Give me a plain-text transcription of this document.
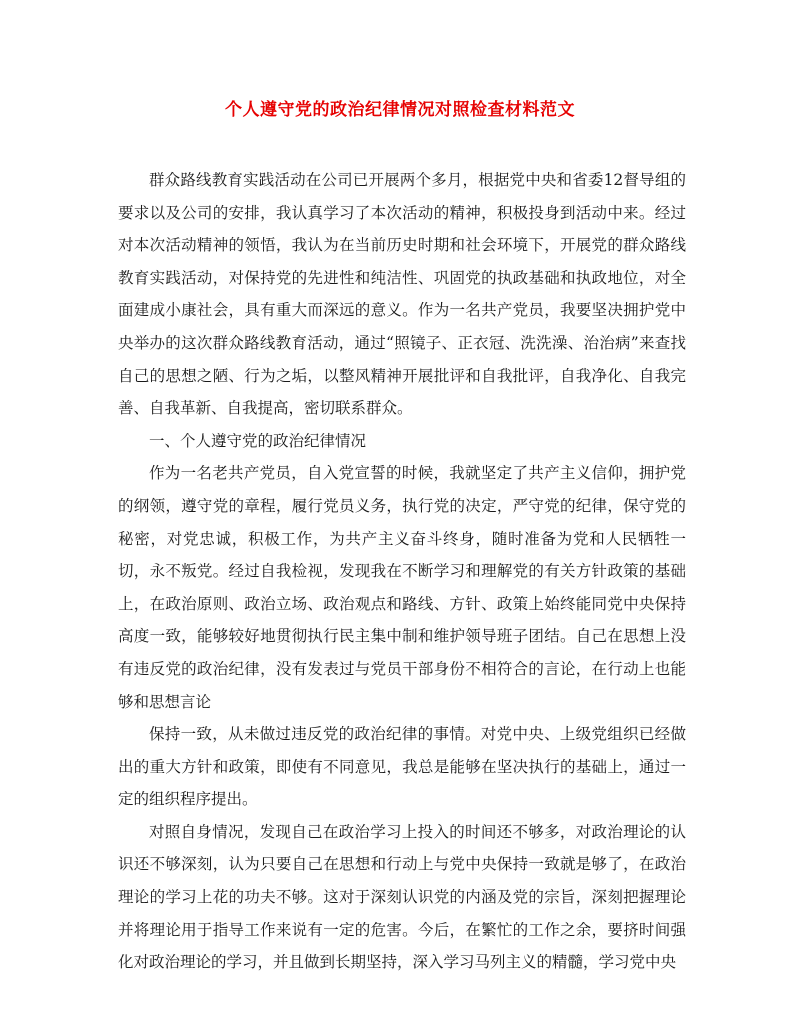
个人遵守党的政治纪律情况对照检查材料范文

群众路线教育实践活动在公司已开展两个多月，根据党中央和省委12督导组的要求以及公司的安排，我认真学习了本次活动的精神，积极投身到活动中来。经过对本次活动精神的领悟，我认为在当前历史时期和社会环境下，开展党的群众路线教育实践活动，对保持党的先进性和纯洁性、巩固党的执政基础和执政地位，对全面建成小康社会，具有重大而深远的意义。作为一名共产党员，我要坚决拥护党中央举办的这次群众路线教育活动，通过“照镜子、正衣冠、洗洗澡、治治病”来查找自己的思想之陋、行为之垢，以整风精神开展批评和自我批评，自我净化、自我完善、自我革新、自我提高，密切联系群众。

一、个人遵守党的政治纪律情况

作为一名老共产党员，自入党宣誓的时候，我就坚定了共产主义信仰，拥护党的纲领，遵守党的章程，履行党员义务，执行党的决定，严守党的纪律，保守党的秘密，对党忠诚，积极工作，为共产主义奋斗终身，随时准备为党和人民牺牲一切，永不叛党。经过自我检视，发现我在不断学习和理解党的有关方针政策的基础上，在政治原则、政治立场、政治观点和路线、方针、政策上始终能同党中央保持高度一致，能够较好地贯彻执行民主集中制和维护领导班子团结。自己在思想上没有违反党的政治纪律，没有发表过与党员干部身份不相符合的言论，在行动上也能够和思想言论

保持一致，从未做过违反党的政治纪律的事情。对党中央、上级党组织已经做出的重大方针和政策，即使有不同意见，我总是能够在坚决执行的基础上，通过一定的组织程序提出。

对照自身情况，发现自己在政治学习上投入的时间还不够多，对政治理论的认识还不够深刻，认为只要自己在思想和行动上与党中央保持一致就是够了，在政治理论的学习上花的功夫不够。这对于深刻认识党的内涵及党的宗旨，深刻把握理论并将理论用于指导工作来说有一定的危害。今后，在繁忙的工作之余，要挤时间强化对政治理论的学习，并且做到长期坚持，深入学习马列主义的精髓，学习党中央
